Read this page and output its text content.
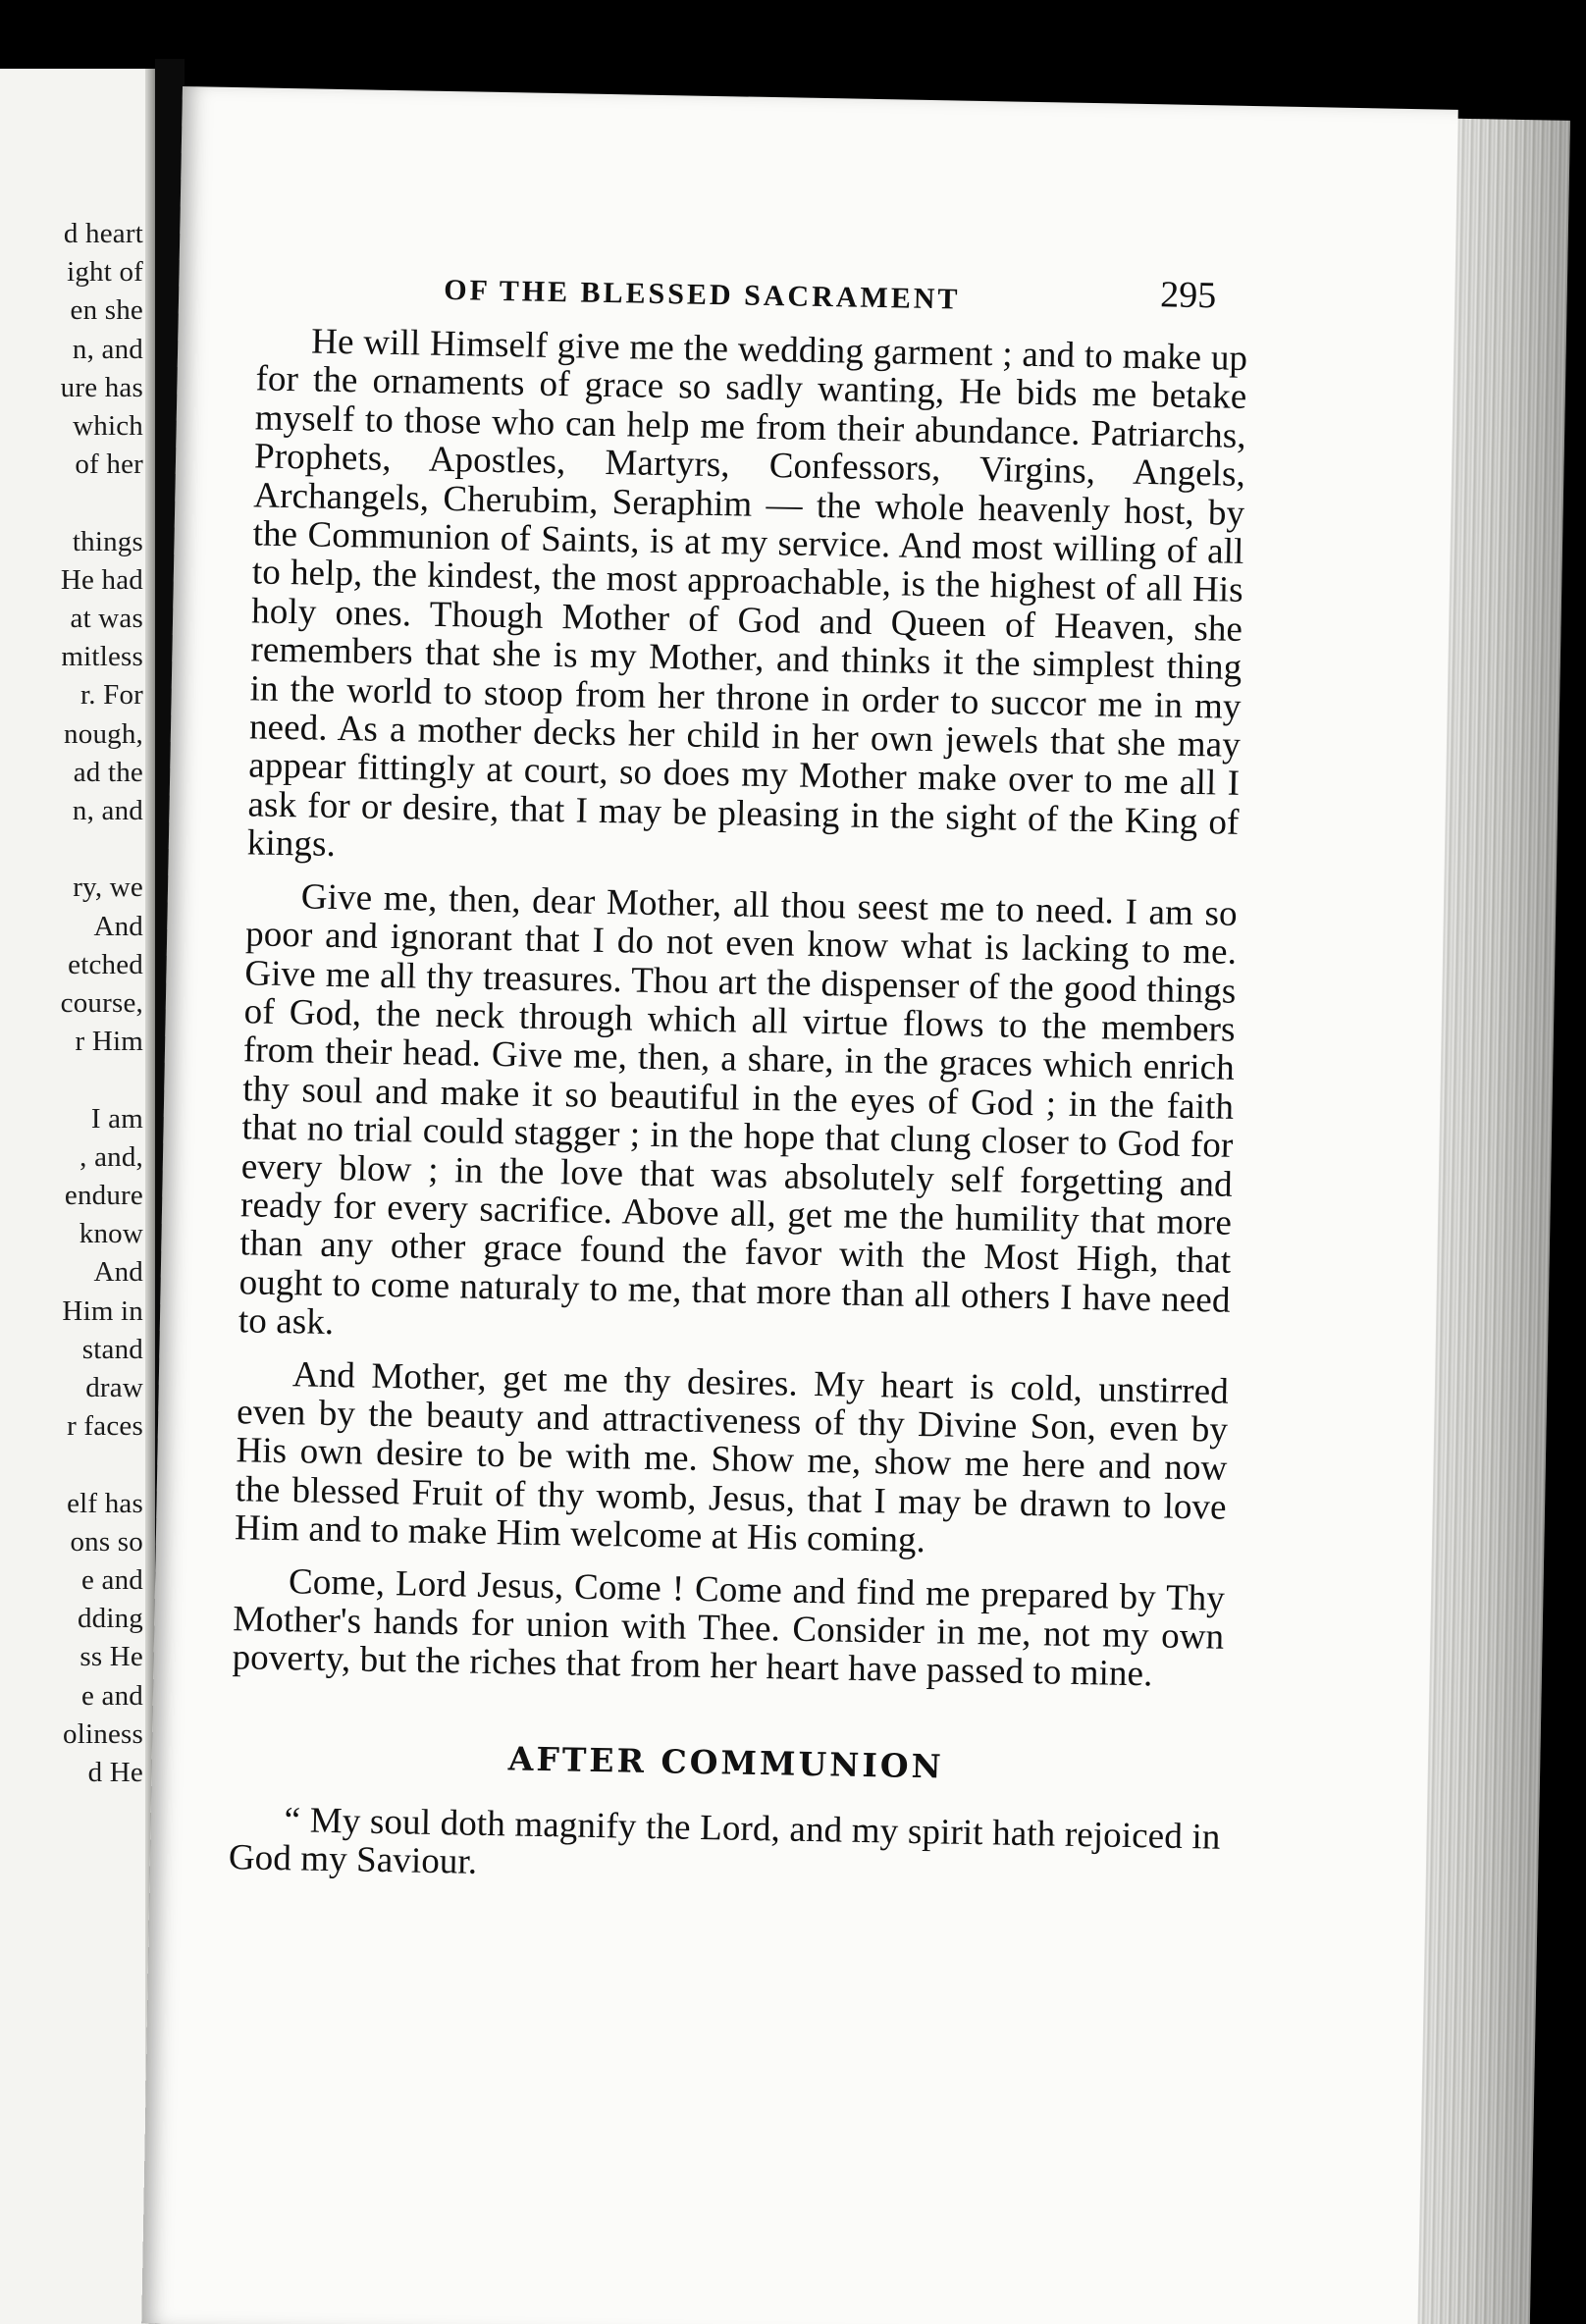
d heart
ight of
en she
n, and
ure has
which
of her
things
He had
at was
mitless
r. For
nough,
ad the
n, and
ry, we
And
etched
course,
r Him
I am
, and,
endure
know
And
Him in
stand
draw
r faces
elf has
ons so
e and
dding
ss He
e and
oliness
d He
OF THE BLESSED SACRAMENT	295

He will Himself give me the wedding garment ; and to make up for the ornaments of grace so sadly wanting, He bids me betake myself to those who can help me from their abundance. Patriarchs, Prophets, Apostles, Martyrs, Confessors, Virgins, Angels, Archangels, Cherubim, Seraphim — the whole heavenly host, by the Communion of Saints, is at my service. And most willing of all to help, the kindest, the most approachable, is the highest of all His holy ones. Though Mother of God and Queen of Heaven, she remembers that she is my Mother, and thinks it the simplest thing in the world to stoop from her throne in order to succor me in my need. As a mother decks her child in her own jewels that she may appear fittingly at court, so does my Mother make over to me all I ask for or desire, that I may be pleasing in the sight of the King of kings.

Give me, then, dear Mother, all thou seest me to need. I am so poor and ignorant that I do not even know what is lacking to me. Give me all thy treasures. Thou art the dispenser of the good things of God, the neck through which all virtue flows to the members from their head. Give me, then, a share, in the graces which enrich thy soul and make it so beautiful in the eyes of God ; in the faith that no trial could stagger ; in the hope that clung closer to God for every blow ; in the love that was absolutely self forgetting and ready for every sacrifice. Above all, get me the humility that more than any other grace found the favor with the Most High, that ought to come naturaly to me, that more than all others I have need to ask.

And Mother, get me thy desires. My heart is cold, unstirred even by the beauty and attractiveness of thy Divine Son, even by His own desire to be with me. Show me, show me here and now the blessed Fruit of thy womb, Jesus, that I may be drawn to love Him and to make Him welcome at His coming.

Come, Lord Jesus, Come ! Come and find me prepared by Thy Mother's hands for union with Thee. Consider in me, not my own poverty, but the riches that from her heart have passed to mine.

AFTER COMMUNION

“ My soul doth magnify the Lord, and my spirit hath rejoiced in God my Saviour.
